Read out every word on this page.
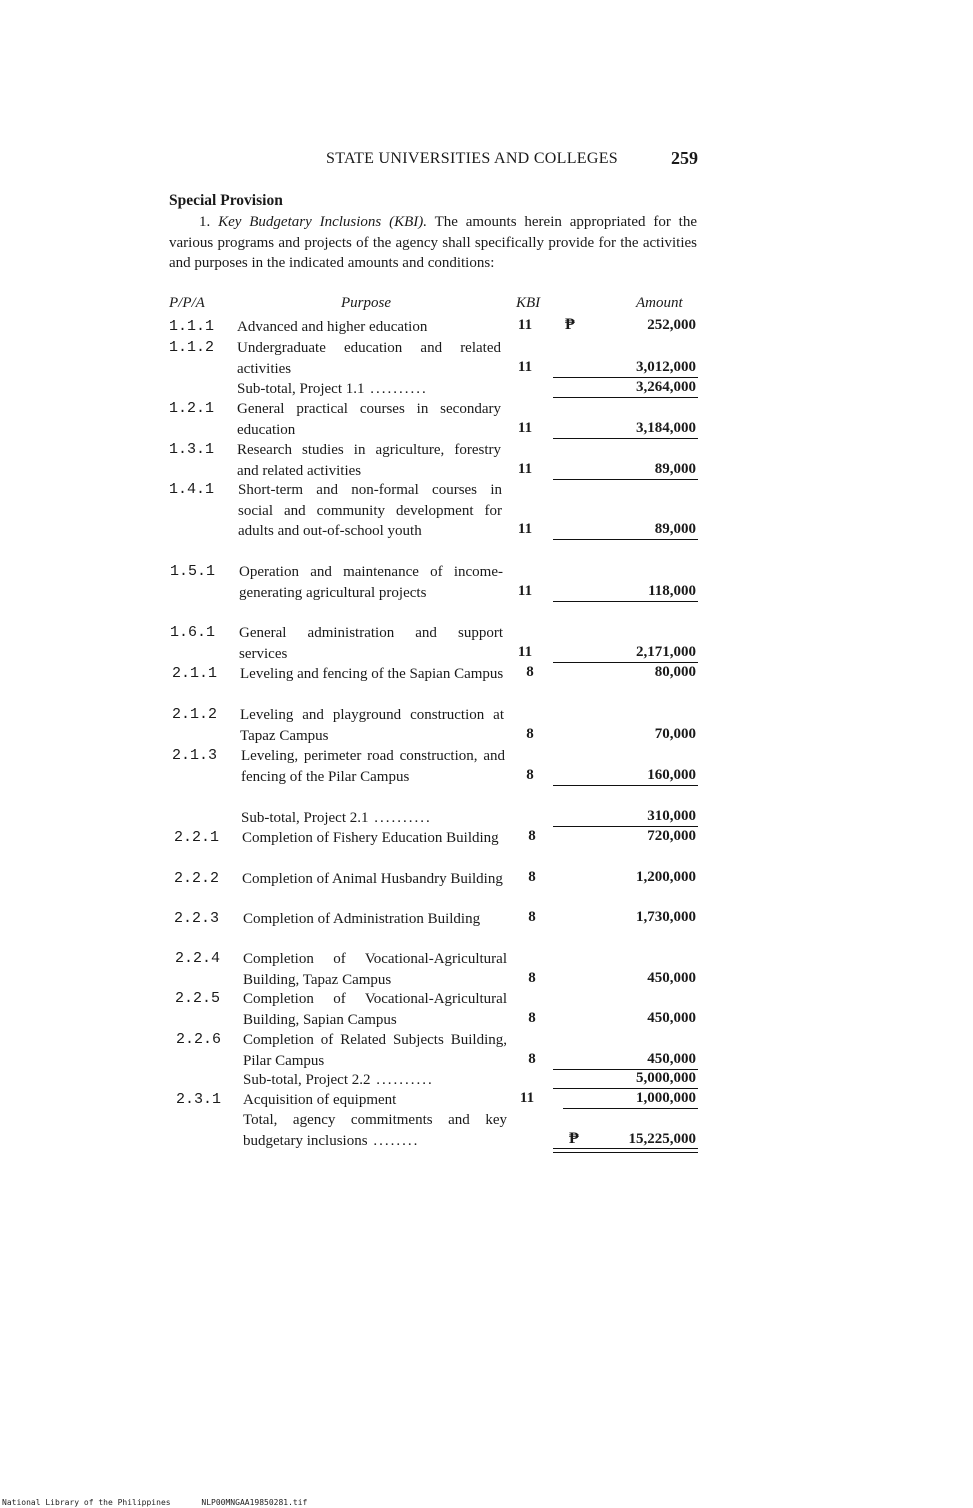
STATE UNIVERSITIES AND COLLEGES	259
Special Provision

1. Key Budgetary Inclusions (KBI). The amounts herein appropriated for the various programs and projects of the agency shall specifically provide for the activities and purposes in the indicated amounts and conditions:

P/P/A	Purpose	KBI	Amount
1.1.1 Advanced and higher education	11	₱	252,000
1.1.2 Undergraduate education and related activities	11	3,012,000
Sub-total, Project 1.1 ..........	3,264,000
1.2.1 General practical courses in secondary education	11	3,184,000
1.3.1 Research studies in agriculture, forestry and related activities	11	89,000
1.4.1 Short-term and non-formal courses in social and community development for adults and out-of-school youth	11	89,000
1.5.1 Operation and maintenance of income-generating agricultural projects	11	118,000
1.6.1 General administration and support services	11	2,171,000
2.1.1 Leveling and fencing of the Sapian Campus	8	80,000
2.1.2 Leveling and playground construction at Tapaz Campus	8	70,000
2.1.3 Leveling, perimeter road construction, and fencing of the Pilar Campus	8	160,000
Sub-total, Project 2.1 ..........	310,000
2.2.1 Completion of Fishery Education Building	8	720,000
2.2.2 Completion of Animal Husbandry Building	8	1,200,000
2.2.3 Completion of Administration Building	8	1,730,000
2.2.4 Completion of Vocational-Agricultural Building, Tapaz Campus	8	450,000
2.2.5 Completion of Vocational-Agricultural Building, Sapian Campus	8	450,000
2.2.6 Completion of Related Subjects Building, Pilar Campus	8	450,000
Sub-total, Project 2.2 ..........	5,000,000
2.3.1 Acquisition of equipment	11	1,000,000
Total, agency commitments and key budgetary inclusions ........	₱	15,225,000
National Library of the Philippines	NLP00MNGAA19850281.tif
